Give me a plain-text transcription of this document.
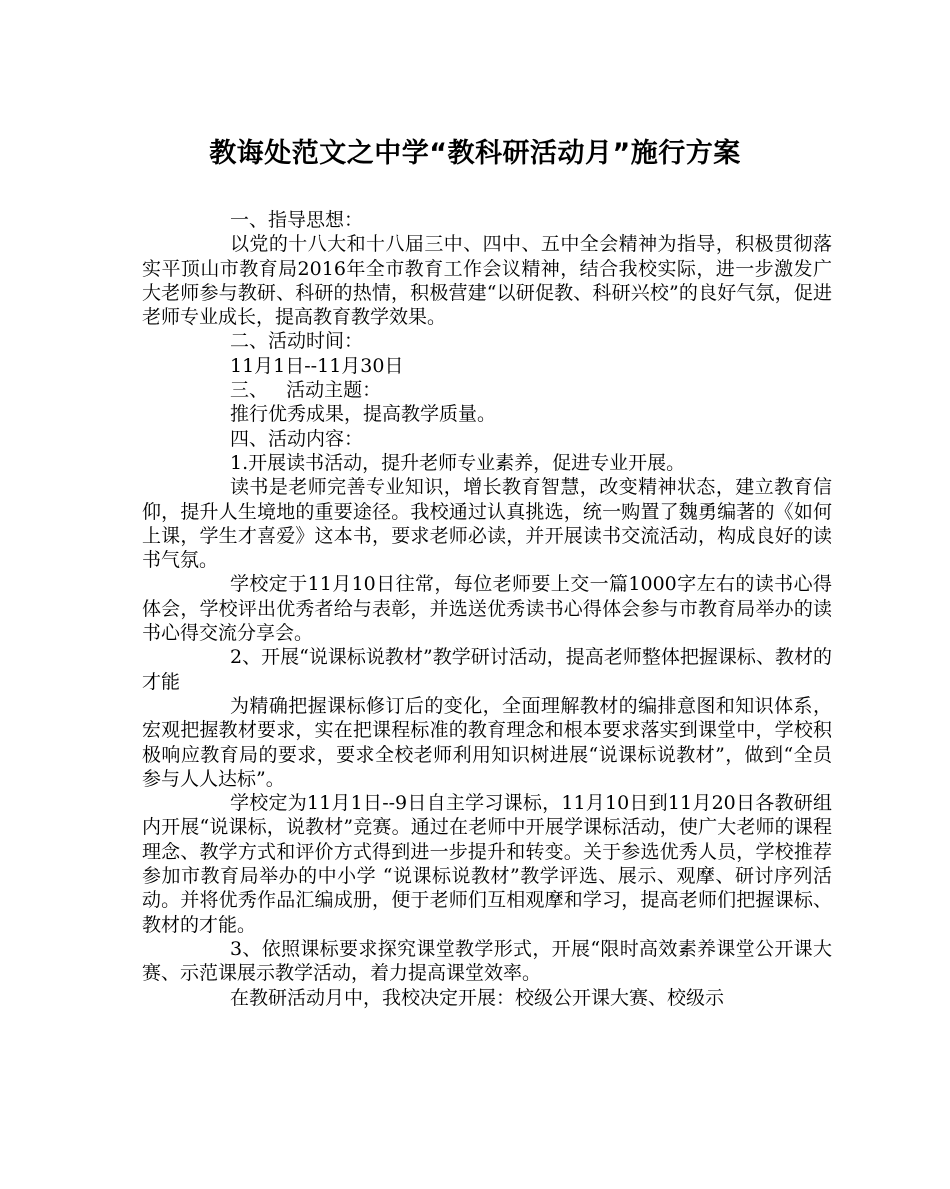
教诲处范文之中学“教科研活动月”施行方案

一、指导思想：

以党的十八大和十八届三中、四中、五中全会精神为指导，积极贯彻落实平顶山市教育局2016年全市教育工作会议精神，结合我校实际，进一步激发广大老师参与教研、科研的热情，积极营建“以研促教、科研兴校”的良好气氛，促进老师专业成长，提高教育教学效果。

二、活动时间：

11月1日--11月30日

三、   活动主题：

推行优秀成果，提高教学质量。

四、活动内容：

1.开展读书活动，提升老师专业素养，促进专业开展。

读书是老师完善专业知识，增长教育智慧，改变精神状态，建立教育信仰，提升人生境地的重要途径。我校通过认真挑选，统一购置了魏勇编著的《如何上课，学生才喜爱》这本书，要求老师必读，并开展读书交流活动，构成良好的读书气氛。

学校定于11月10日往常，每位老师要上交一篇1000字左右的读书心得体会，学校评出优秀者给与表彰，并选送优秀读书心得体会参与市教育局举办的读书心得交流分享会。

2、开展“说课标说教材”教学研讨活动，提高老师整体把握课标、教材的才能

为精确把握课标修订后的变化，全面理解教材的编排意图和知识体系，宏观把握教材要求，实在把课程标准的教育理念和根本要求落实到课堂中，学校积极响应教育局的要求，要求全校老师利用知识树进展“说课标说教材”，做到“全员参与人人达标”。

学校定为11月1日--9日自主学习课标，11月10日到11月20日各教研组内开展“说课标，说教材”竞赛。通过在老师中开展学课标活动，使广大老师的课程理念、教学方式和评价方式得到进一步提升和转变。关于参选优秀人员，学校推荐参加市教育局举办的中小学 “说课标说教材”教学评选、展示、观摩、研讨序列活动。并将优秀作品汇编成册，便于老师们互相观摩和学习，提高老师们把握课标、教材的才能。

3、依照课标要求探究课堂教学形式，开展“限时高效素养课堂公开课大赛、示范课展示教学活动，着力提高课堂效率。

在教研活动月中，我校决定开展：校级公开课大赛、校级示
